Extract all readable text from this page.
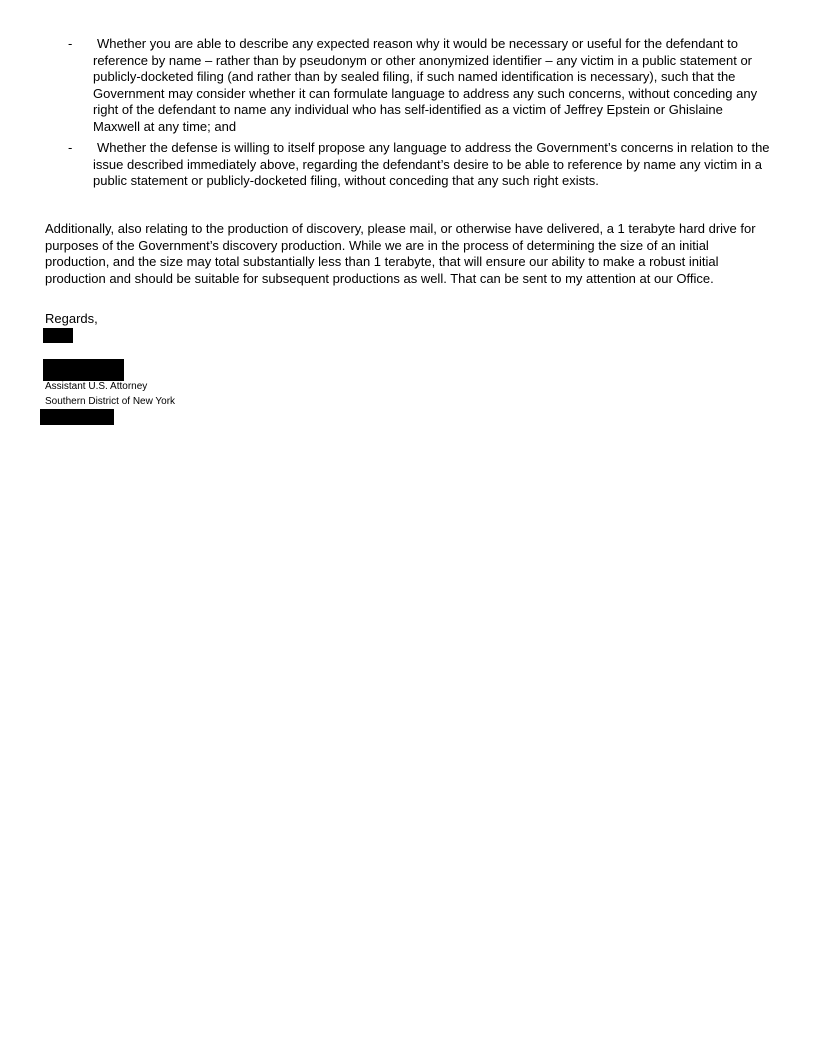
-	Whether you are able to describe any expected reason why it would be necessary or useful for the defendant to reference by name – rather than by pseudonym or other anonymized identifier – any victim in a public statement or publicly-docketed filing (and rather than by sealed filing, if such named identification is necessary), such that the Government may consider whether it can formulate language to address any such concerns, without conceding any right of the defendant to name any individual who has self-identified as a victim of Jeffrey Epstein or Ghislaine Maxwell at any time; and
-	Whether the defense is willing to itself propose any language to address the Government’s concerns in relation to the issue described immediately above, regarding the defendant’s desire to be able to reference by name any victim in a public statement or publicly-docketed filing, without conceding that any such right exists.

Additionally, also relating to the production of discovery, please mail, or otherwise have delivered, a 1 terabyte hard drive for purposes of the Government’s discovery production. While we are in the process of determining the size of an initial production, and the size may total substantially less than 1 terabyte, that will ensure our ability to make a robust initial production and should be suitable for subsequent productions as well. That can be sent to my attention at our Office.

Regards,

Assistant U.S. Attorney

Southern District of New York
